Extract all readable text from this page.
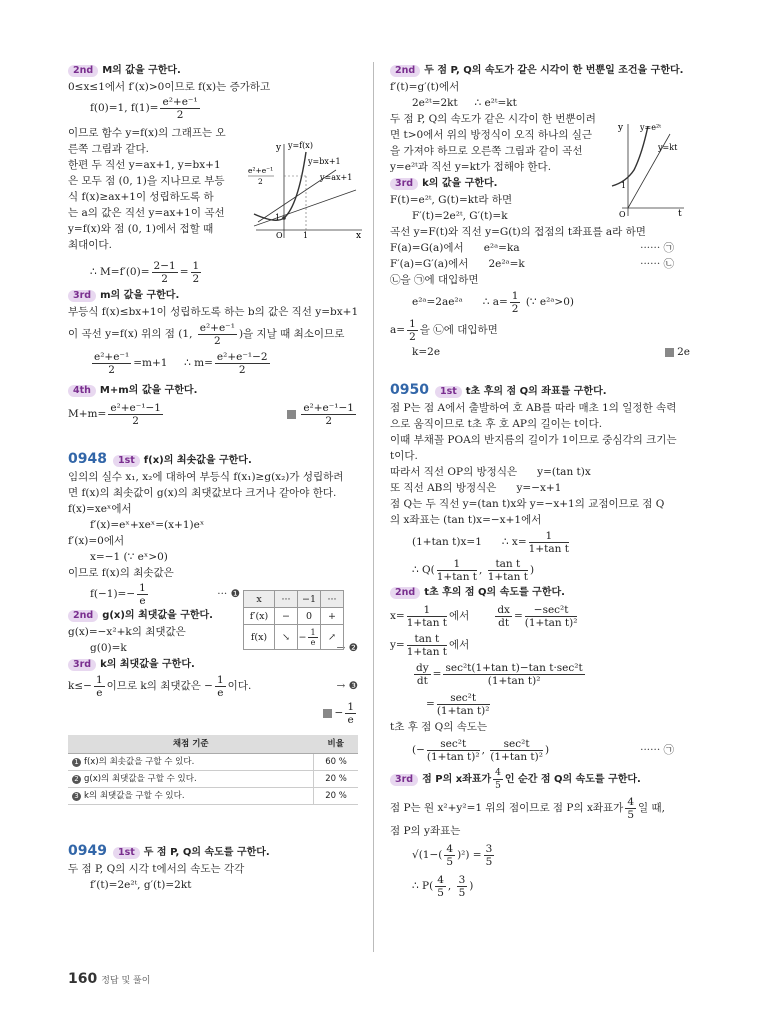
2nd M의 값을 구한다.
0≤x≤1에서 f′(x)>0이므로 f(x)는 증가하고
f(0)=1, $f(1)= \frac{\text{e²+e⁻¹}}{2}$
이므로 함수 y=f(x)의 그래프는 오
른쪽 그림과 같다.
한편 두 직선 y=ax+1, y=bx+1
은 모두 점 (0, 1)을 지나므로 부등
식 f(x)≥ax+1이 성립하도록 하
는 a의 값은 직선 y=ax+1이 곡선
y=f(x)와 점 (0, 1)에서 접할 때
최대이다.
∴ $M=f'(0)= \frac{2-1}{2} = \frac{1}{2}$
3rd m의 값을 구한다.
부등식 f(x)≤bx+1이 성립하도록 하는 b의 값은 직선 y=bx+1
이 곡선 y=f(x) 위의 점 (1, $\frac{\text{e²+e⁻¹}}{2}$ )을 지날 때 최소이므로
$\frac{\text{e²+e⁻¹}}{2} =m+1$     ∴ $m= \frac{\text{e²+e⁻¹−2}}{2}$
4th M+m의 값을 구한다.
$M+m= \frac{\text{e²+e⁻¹−1}}{2}$	$\frac{\text{e²+e⁻¹−1}}{2}$
0948 1st f(x)의 최솟값을 구한다.
임의의 실수 x₁, x₂에 대하여 부등식 f(x₁)≥g(x₂)가 성립하려
면 f(x)의 최솟값이 g(x)의 최댓값보다 크거나 같아야 한다.
f(x)=xeˣ에서
f′(x)=eˣ+xeˣ=(x+1)eˣ
f′(x)=0에서
x=−1 (∵ eˣ>0)
이므로 f(x)의 최솟값은
$f(-1)=- \frac{1}{e}$	··· ❶
2nd g(x)의 최댓값을 구한다.
g(x)=−x²+k의 최댓값은
g(0)=k	→ ❷
3rd k의 최댓값을 구한다.
$k\le- \frac{1}{e}$ 이므로 k의 최댓값은 − $\frac{1}{e}$ 이다.	→ ❸
− $\frac{1}{e}$
채점 기준	비율
1 f(x)의 최솟값을 구할 수 있다.	60 %
2 g(x)의 최댓값을 구할 수 있다.	20 %
3 k의 최댓값을 구할 수 있다.	20 %
0949 1st 두 점 P, Q의 속도를 구한다.
두 점 P, Q의 시각 t에서의 속도는 각각
f′(t)=2e²ᵗ, g′(t)=2kt
x	···	−1	···
f′(x)	−	0	+
f(x)	↘	− $\frac{1}{e}$	↗
y
x
y=f(x)
y=bx+1
y=ax+1
e²+e⁻¹
2
1
O	1
2nd 두 점 P, Q의 속도가 같은 시각이 한 번뿐일 조건을 구한다.
f′(t)=g′(t)에서
2e²ᵗ=2kt     ∴ e²ᵗ=kt
두 점 P, Q의 속도가 같은 시각이 한 번뿐이려
면 t>0에서 위의 방정식이 오직 하나의 실근
을 가져야 하므로 오른쪽 그림과 같이 곡선
y=e²ᵗ과 직선 y=kt가 접해야 한다.
3rd k의 값을 구한다.
F(t)=e²ᵗ, G(t)=kt라 하면
F′(t)=2e²ᵗ, G′(t)=k
곡선 y=F(t)와 직선 y=G(t)의 접점의 t좌표를 a라 하면
F(a)=G(a)에서      e²ᵃ=ka	······ ㉠
F′(a)=G′(a)에서      2e²ᵃ=k	······ ㉡
㉡을 ㉠에 대입하면
e²ᵃ=2ae²ᵃ      ∴ $a= \frac{1}{2}$ (∵ e²ᵃ>0)
$a= \frac{1}{2}$ 을 ㉡에 대입하면
k=2e	2e
0950 1st t초 후의 점 Q의 좌표를 구한다.
점 P는 점 A에서 출발하여 호 AB를 따라 매초 1의 일정한 속력
으로 움직이므로 t초 후 호 AP의 길이는 t이다.
이때 부채꼴 POA의 반지름의 길이가 1이므로 중심각의 크기는
t이다.
따라서 직선 OP의 방정식은      y=(tan t)x
또 직선 AB의 방정식은      y=−x+1
점 Q는 두 직선 y=(tan t)x와 y=−x+1의 교점이므로 점 Q
의 x좌표는 (tan t)x=−x+1에서
(1+tan t)x=1      ∴ $x= \frac{1}{\text{1+tan t}}$
∴ $Q( \frac{1}{\text{1+tan t}}$ , $\frac{\text{tan t}}{\text{1+tan t}}$ )
2nd t초 후의 점 Q의 속도를 구한다.
$x= \frac{1}{\text{1+tan t}}$ 에서 $\frac{dx}{dt} = \frac{\text{−sec²t}}{\text{(1+tan t)²}}$
$y= \frac{\text{tan t}}{\text{1+tan t}}$ 에서
$\frac{dy}{dt} = \frac{\text{sec²t(1+tan t)−tan t·sec²t}}{\text{(1+tan t)²}}$
= $\frac{\text{sec²t}}{\text{(1+tan t)²}}$
t초 후 점 Q의 속도는
(− $\frac{\text{sec²t}}{\text{(1+tan t)²}}$ , $\frac{\text{sec²t}}{\text{(1+tan t)²}}$ )	······ ㉠
3rd 점 P의 x좌표가 $\frac{4}{5}$ 인 순간 점 Q의 속도를 구한다.
점 P는 원 x²+y²=1 위의 점이므로 점 P의 x좌표가 $\frac{4}{5}$ 일 때,
점 P의 y좌표는
$√(1-( \frac{4}{5} )^2) = \frac{3}{5}$
∴ $P( \frac{4}{5}$ , $\frac{3}{5}$ )
y
t
y=e²ᵗ
y=kt
1
O
160 정답 및 풀이
